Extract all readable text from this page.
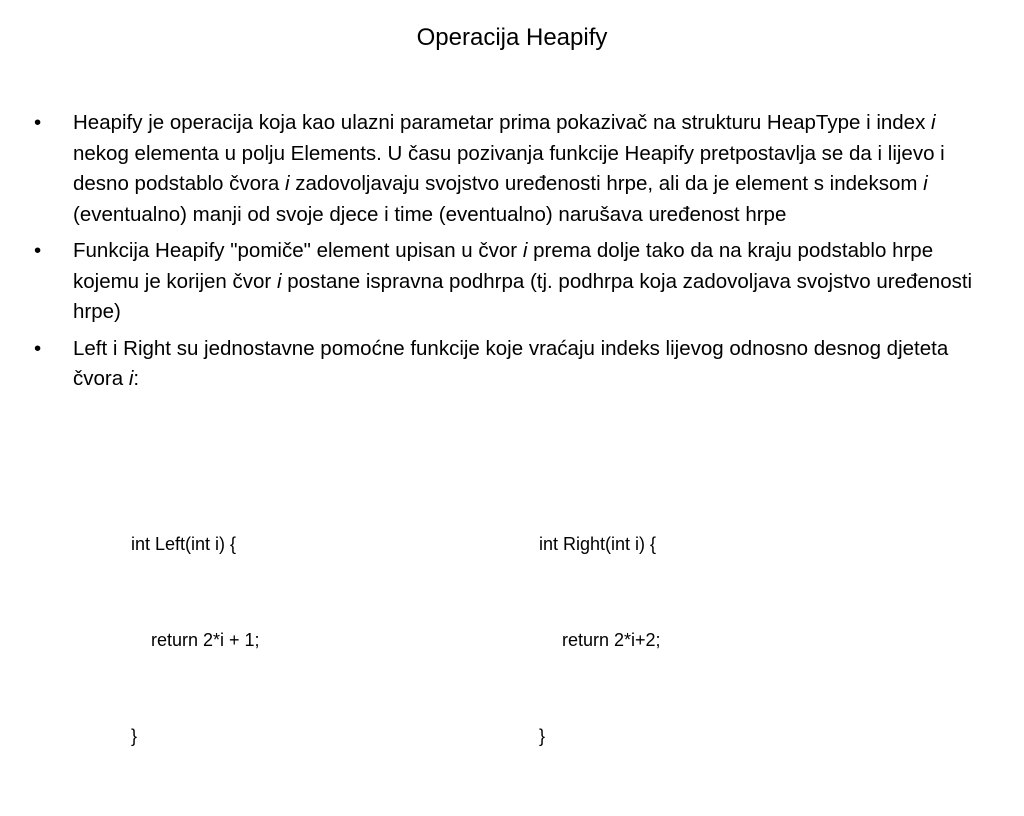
Operacija Heapify
• Heapify je operacija koja kao ulazni parametar prima pokazivač na strukturu HeapType i index i nekog elementa u polju Elements. U času pozivanja funkcije Heapify pretpostavlja se da i lijevo i desno podstablo čvora i zadovoljavaju svojstvo uređenosti hrpe, ali da je element s indeksom i (eventualno) manji od svoje djece i time (eventualno) narušava uređenost hrpe
• Funkcija Heapify "pomiče" element upisan u čvor i prema dolje tako da na kraju podstablo hrpe kojemu je korijen čvor i postane ispravna podhrpa (tj. podhrpa koja zadovoljava svojstvo uređenosti hrpe)
• Left i Right su jednostavne pomoćne funkcije koje vraćaju indeks lijevog odnosno desnog djeteta čvora i:

int Left(int i) {

return 2*i + 1;

}

int Right(int i) {

return 2*i+2;

}
